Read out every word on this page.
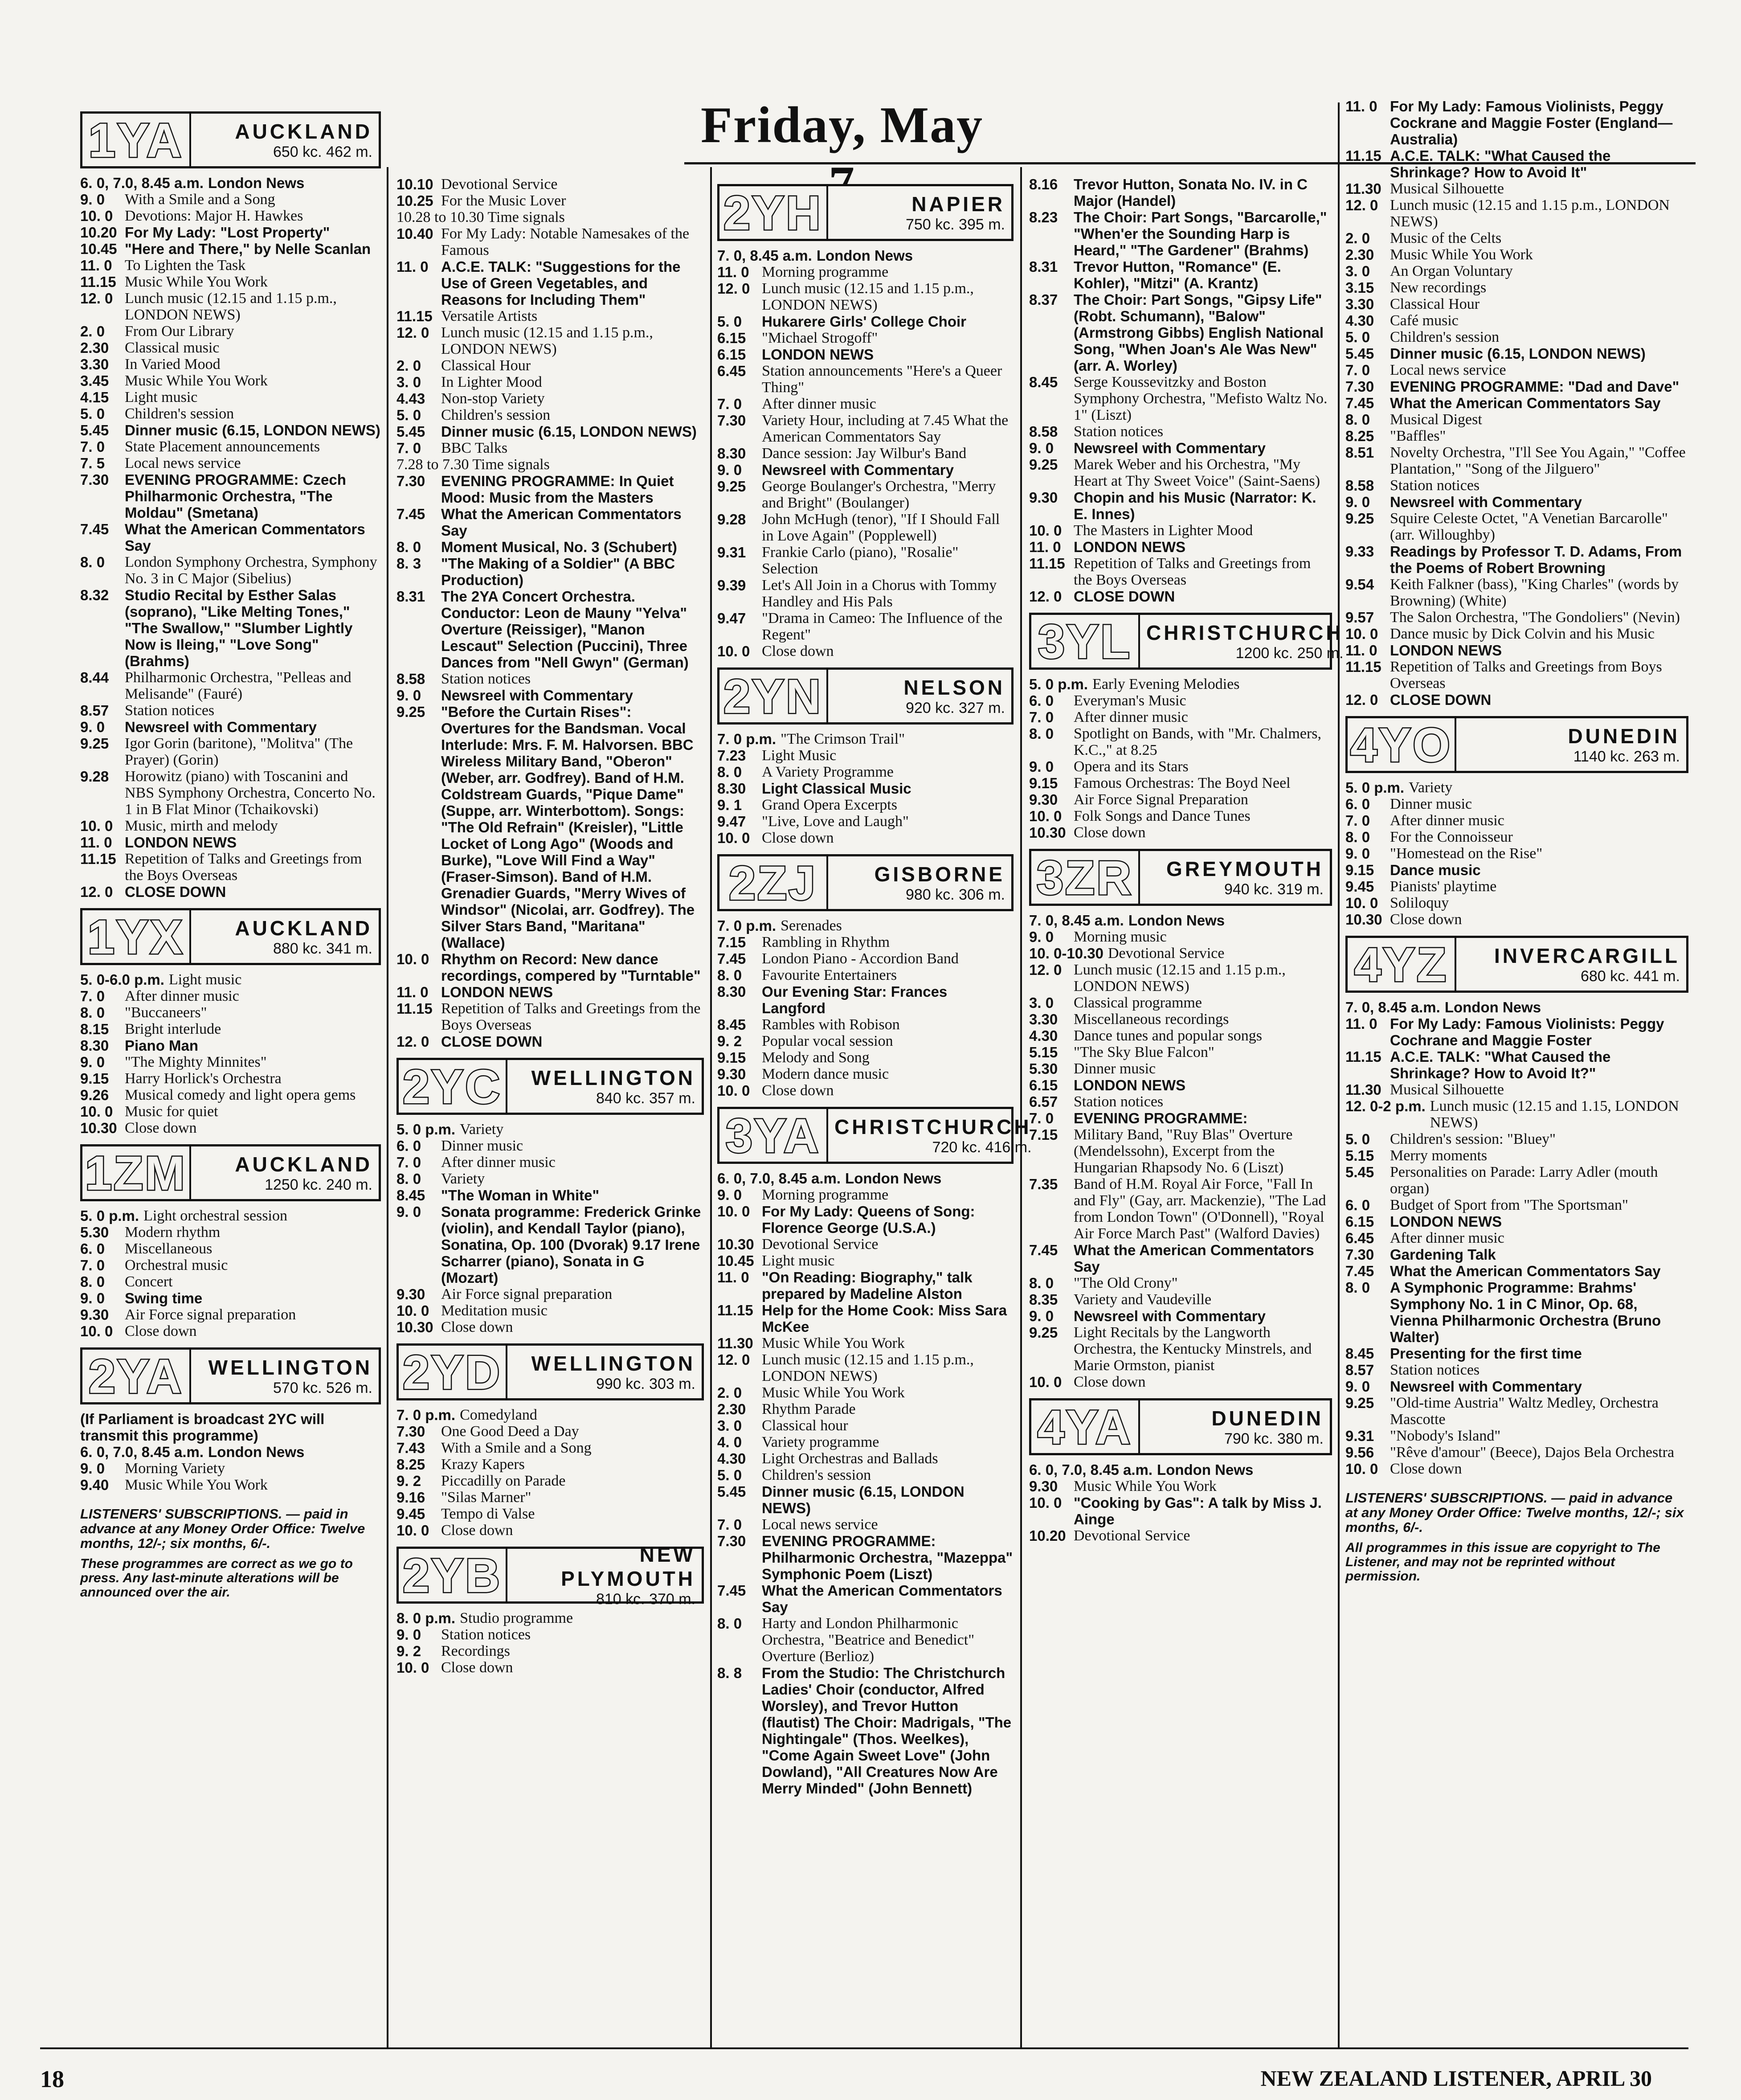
Friday, May
1YA	AUCKLAND
650 kc. 462 m.
6. 0, 7.0, 8.45 a.m. London News
9. 0	With a Smile and a Song
10. 0 Devotions: Major H. Hawkes
10.20 For My Lady: "Lost Property"
10.45 "Here and There," by Nelle Scanlan
11. 0 To Lighten the Task
11.15 Music While You Work
12. 0 Lunch music (12.15 and 1.15 p.m., LONDON NEWS)
2. 0	From Our Library
2.30	Classical music
3.30	In Varied Mood
3.45	Music While You Work
4.15	Light music
5. 0	Children's session
5.45	Dinner music (6.15, LONDON NEWS)
7. 0	State Placement announcements
7. 5	Local news service
7.30	EVENING PROGRAMME: Czech Philharmonic Orchestra, "The Moldau" (Smetana)
7.45	What the American Commentators Say
8. 0	London Symphony Orchestra, Symphony No. 3 in C Major (Sibelius)
8.32	Studio Recital by Esther Salas (soprano), "Like Melting Tones," "The Swallow," "Slumber Lightly Now is Ileing," "Love Song" (Brahms)
8.44	Philharmonic Orchestra, "Pelleas and Melisande" (Fauré)
8.57	Station notices
9. 0	Newsreel with Commentary
9.25	Igor Gorin (baritone), "Molitva" (The Prayer) (Gorin)
9.28	Horowitz (piano) with Toscanini and NBS Symphony Orchestra, Concerto No. 1 in B Flat Minor (Tchaikovski)
10. 0 Music, mirth and melody
11. 0 LONDON NEWS
11.15 Repetition of Talks and Greetings from the Boys Overseas
12. 0 CLOSE DOWN
1YX	AUCKLAND
880 kc. 341 m.
5. 0-6.0 p.m. Light music
7. 0	After dinner music
8. 0	"Buccaneers"
8.15	Bright interlude
8.30	Piano Man
9. 0	"The Mighty Minnites"
9.15	Harry Horlick's Orchestra
9.26	Musical comedy and light opera gems
10. 0 Music for quiet
10.30 Close down
1ZM	AUCKLAND
1250 kc. 240 m.
5. 0 p.m. Light orchestral session
5.30	Modern rhythm
6. 0	Miscellaneous
7. 0	Orchestral music
8. 0	Concert
9. 0	Swing time
9.30	Air Force signal preparation
10. 0 Close down
2YA	WELLINGTON
570 kc. 526 m.
(If Parliament is broadcast 2YC will transmit this programme)
6. 0, 7.0, 8.45 a.m. London News
9. 0	Morning Variety
9.40	Music While You Work
LISTENERS' SUBSCRIPTIONS. — paid in advance at any Money Order Office: Twelve months, 12/-; six months, 6/-.
These programmes are correct as we go to press. Any last-minute alterations will be announced over the air.
10.10 Devotional Service
10.25 For the Music Lover
10.28 to 10.30 Time signals
10.40 For My Lady: Notable Namesakes of the Famous
11. 0 A.C.E. TALK: "Suggestions for the Use of Green Vegetables, and Reasons for Including Them"
11.15 Versatile Artists
12. 0 Lunch music (12.15 and 1.15 p.m., LONDON NEWS)
2. 0	Classical Hour
3. 0	In Lighter Mood
4.43	Non-stop Variety
5. 0	Children's session
5.45	Dinner music (6.15, LONDON NEWS)
7. 0	BBC Talks
7.28 to 7.30 Time signals
7.30	EVENING PROGRAMME: In Quiet Mood: Music from the Masters
7.45	What the American Commentators Say
8. 0	Moment Musical, No. 3 (Schubert)
8. 3	"The Making of a Soldier" (A BBC Production)
8.31	The 2YA Concert Orchestra. Conductor: Leon de Mauny "Yelva" Overture (Reissiger), "Manon Lescaut" Selection (Puccini), Three Dances from "Nell Gwyn" (German)
8.58	Station notices
9. 0	Newsreel with Commentary
9.25	"Before the Curtain Rises": Overtures for the Bandsman. Vocal Interlude: Mrs. F. M. Halvorsen. BBC Wireless Military Band, "Oberon" (Weber, arr. Godfrey). Band of H.M. Coldstream Guards, "Pique Dame" (Suppe, arr. Winterbottom). Songs: "The Old Refrain" (Kreisler), "Little Locket of Long Ago" (Woods and Burke), "Love Will Find a Way" (Fraser-Simson). Band of H.M. Grenadier Guards, "Merry Wives of Windsor" (Nicolai, arr. Godfrey). The Silver Stars Band, "Maritana" (Wallace)
10. 0 Rhythm on Record: New dance recordings, compered by "Turntable"
11. 0 LONDON NEWS
11.15 Repetition of Talks and Greetings from the Boys Overseas
12. 0 CLOSE DOWN
2YC	WELLINGTON
840 kc. 357 m.
5. 0 p.m. Variety
6. 0	Dinner music
7. 0	After dinner music
8. 0	Variety
8.45	"The Woman in White"
9. 0	Sonata programme: Frederick Grinke (violin), and Kendall Taylor (piano), Sonatina, Op. 100 (Dvorak) 9.17 Irene Scharrer (piano), Sonata in G (Mozart)
9.30	Air Force signal preparation
10. 0 Meditation music
10.30 Close down
2YD	WELLINGTON
990 kc. 303 m.
7. 0 p.m. Comedyland
7.30	One Good Deed a Day
7.43	With a Smile and a Song
8.25	Krazy Kapers
9. 2	Piccadilly on Parade
9.16	"Silas Marner"
9.45	Tempo di Valse
10. 0 Close down
2YB	NEW PLYMOUTH
810 kc. 370 m.
8. 0 p.m. Studio programme
9. 0	Station notices
9. 2	Recordings
10. 0 Close down
2YH	NAPIER
750 kc. 395 m.
7. 0, 8.45 a.m. London News
11. 0 Morning programme
12. 0 Lunch music (12.15 and 1.15 p.m., LONDON NEWS)
5. 0	Hukarere Girls' College Choir
6.15	"Michael Strogoff"
6.15	LONDON NEWS
6.45	Station announcements "Here's a Queer Thing"
7. 0	After dinner music
7.30	Variety Hour, including at 7.45 What the American Commentators Say
8.30	Dance session: Jay Wilbur's Band
9. 0	Newsreel with Commentary
9.25	George Boulanger's Orchestra, "Merry and Bright" (Boulanger)
9.28	John McHugh (tenor), "If I Should Fall in Love Again" (Popplewell)
9.31	Frankie Carlo (piano), "Rosalie" Selection
9.39	Let's All Join in a Chorus with Tommy Handley and His Pals
9.47	"Drama in Cameo: The Influence of the Regent"
10. 0 Close down
2YN	NELSON
920 kc. 327 m.
7. 0 p.m. "The Crimson Trail"
7.23	Light Music
8. 0	A Variety Programme
8.30	Light Classical Music
9. 1	Grand Opera Excerpts
9.47	"Live, Love and Laugh"
10. 0 Close down
2ZJ	GISBORNE
980 kc. 306 m.
7. 0 p.m. Serenades
7.15	Rambling in Rhythm
7.45	London Piano - Accordion Band
8. 0	Favourite Entertainers
8.30	Our Evening Star: Frances Langford
8.45	Rambles with Robison
9. 2	Popular vocal session
9.15	Melody and Song
9.30	Modern dance music
10. 0 Close down
3YA CHRISTCHURCH
720 kc. 416 m.
6. 0, 7.0, 8.45 a.m. London News
9. 0	Morning programme
10. 0 For My Lady: Queens of Song: Florence George (U.S.A.)
10.30 Devotional Service
10.45 Light music
11. 0 "On Reading: Biography," talk prepared by Madeline Alston
11.15 Help for the Home Cook: Miss Sara McKee
11.30 Music While You Work
12. 0 Lunch music (12.15 and 1.15 p.m., LONDON NEWS)
2. 0	Music While You Work
2.30	Rhythm Parade
3. 0	Classical hour
4. 0	Variety programme
4.30	Light Orchestras and Ballads
5. 0	Children's session
5.45	Dinner music (6.15, LONDON NEWS)
7. 0	Local news service
7.30	EVENING PROGRAMME: Philharmonic Orchestra, "Mazeppa" Symphonic Poem (Liszt)
7.45	What the American Commentators Say
8. 0	Harty and London Philharmonic Orchestra, "Beatrice and Benedict" Overture (Berlioz)
8. 8	From the Studio: The Christchurch Ladies' Choir (conductor, Alfred Worsley), and Trevor Hutton (flautist) The Choir: Madrigals, "The Nightingale" (Thos. Weelkes), "Come Again Sweet Love" (John Dowland), "All Creatures Now Are Merry Minded" (John Bennett)
8.16	Trevor Hutton, Sonata No. IV. in C Major (Handel)
8.23	The Choir: Part Songs, "Barcarolle," "When'er the Sounding Harp is Heard," "The Gardener" (Brahms)
8.31	Trevor Hutton, "Romance" (E. Kohler), "Mitzi" (A. Krantz)
8.37	The Choir: Part Songs, "Gipsy Life" (Robt. Schumann), "Balow" (Armstrong Gibbs) English National Song, "When Joan's Ale Was New" (arr. A. Worley)
8.45	Serge Koussevitzky and Boston Symphony Orchestra, "Mefisto Waltz No. 1" (Liszt)
8.58	Station notices
9. 0	Newsreel with Commentary
9.25	Marek Weber and his Orchestra, "My Heart at Thy Sweet Voice" (Saint-Saens)
9.30	Chopin and his Music (Narrator: K. E. Innes)
10. 0 The Masters in Lighter Mood
11. 0 LONDON NEWS
11.15 Repetition of Talks and Greetings from the Boys Overseas
12. 0 CLOSE DOWN
3YL CHRISTCHURCH
1200 kc. 250 m.
5. 0 p.m. Early Evening Melodies
6. 0	Everyman's Music
7. 0	After dinner music
8. 0	Spotlight on Bands, with "Mr. Chalmers, K.C.," at 8.25
9. 0	Opera and its Stars
9.15	Famous Orchestras: The Boyd Neel
9.30	Air Force Signal Preparation
10. 0 Folk Songs and Dance Tunes
10.30 Close down
3ZR	GREYMOUTH
940 kc. 319 m.
7. 0, 8.45 a.m. London News
9. 0	Morning music
10. 0-10.30 Devotional Service
12. 0 Lunch music (12.15 and 1.15 p.m., LONDON NEWS)
3. 0	Classical programme
3.30	Miscellaneous recordings
4.30	Dance tunes and popular songs
5.15	"The Sky Blue Falcon"
5.30	Dinner music
6.15	LONDON NEWS
6.57	Station notices
7. 0	EVENING PROGRAMME:
7.15	Military Band, "Ruy Blas" Overture (Mendelssohn), Excerpt from the Hungarian Rhapsody No. 6 (Liszt)
7.35	Band of H.M. Royal Air Force, "Fall In and Fly" (Gay, arr. Mackenzie), "The Lad from London Town" (O'Donnell), "Royal Air Force March Past" (Walford Davies)
7.45	What the American Commentators Say
8. 0	"The Old Crony"
8.35	Variety and Vaudeville
9. 0	Newsreel with Commentary
9.25	Light Recitals by the Langworth Orchestra, the Kentucky Minstrels, and Marie Ormston, pianist
10. 0 Close down
4YA	DUNEDIN
790 kc. 380 m.
6. 0, 7.0, 8.45 a.m. London News
9.30	Music While You Work
10. 0 "Cooking by Gas": A talk by Miss J. Ainge
10.20 Devotional Service
11. 0 For My Lady: Famous Violinists, Peggy Cockrane and Maggie Foster (England—Australia)
11.15 A.C.E. TALK: "What Caused the Shrinkage? How to Avoid It"
11.30 Musical Silhouette
12. 0 Lunch music (12.15 and 1.15 p.m., LONDON NEWS)
2. 0	Music of the Celts
2.30	Music While You Work
3. 0	An Organ Voluntary
3.15	New recordings
3.30	Classical Hour
4.30	Café music
5. 0	Children's session
5.45	Dinner music (6.15, LONDON NEWS)
7. 0	Local news service
7.30	EVENING PROGRAMME: "Dad and Dave"
7.45	What the American Commentators Say
8. 0	Musical Digest
8.25	"Baffles"
8.51	Novelty Orchestra, "I'll See You Again," "Coffee Plantation," "Song of the Jilguero"
8.58	Station notices
9. 0	Newsreel with Commentary
9.25	Squire Celeste Octet, "A Venetian Barcarolle" (arr. Willoughby)
9.33	Readings by Professor T. D. Adams, From the Poems of Robert Browning
9.54	Keith Falkner (bass), "King Charles" (words by Browning) (White)
9.57	The Salon Orchestra, "The Gondoliers" (Nevin)
10. 0 Dance music by Dick Colvin and his Music
11. 0 LONDON NEWS
11.15 Repetition of Talks and Greetings from Boys Overseas
12. 0 CLOSE DOWN
4YO	DUNEDIN
1140 kc. 263 m.
5. 0 p.m. Variety
6. 0	Dinner music
7. 0	After dinner music
8. 0	For the Connoisseur
9. 0	"Homestead on the Rise"
9.15	Dance music
9.45	Pianists' playtime
10. 0 Soliloquy
10.30 Close down
4YZ	INVERCARGILL
680 kc. 441 m.
7. 0, 8.45 a.m. London News
11. 0 For My Lady: Famous Violinists: Peggy Cochrane and Maggie Foster
11.15 A.C.E. TALK: "What Caused the Shrinkage? How to Avoid It?"
11.30 Musical Silhouette
12. 0-2 p.m. Lunch music (12.15 and 1.15, LONDON NEWS)
5. 0	Children's session: "Bluey"
5.15	Merry moments
5.45	Personalities on Parade: Larry Adler (mouth organ)
6. 0	Budget of Sport from "The Sportsman"
6.15	LONDON NEWS
6.45	After dinner music
7.30	Gardening Talk
7.45	What the American Commentators Say
8. 0	A Symphonic Programme: Brahms' Symphony No. 1 in C Minor, Op. 68, Vienna Philharmonic Orchestra (Bruno Walter)
8.45	Presenting for the first time
8.57	Station notices
9. 0	Newsreel with Commentary
9.25	"Old-time Austria" Waltz Medley, Orchestra Mascotte
9.31	"Nobody's Island"
9.56	"Rêve d'amour" (Beece), Dajos Bela Orchestra
10. 0 Close down
LISTENERS' SUBSCRIPTIONS. — paid in advance at any Money Order Office: Twelve months, 12/-; six months, 6/-.
All programmes in this issue are copyright to The Listener, and may not be reprinted without permission.
18	NEW ZEALAND LISTENER, APRIL 30
